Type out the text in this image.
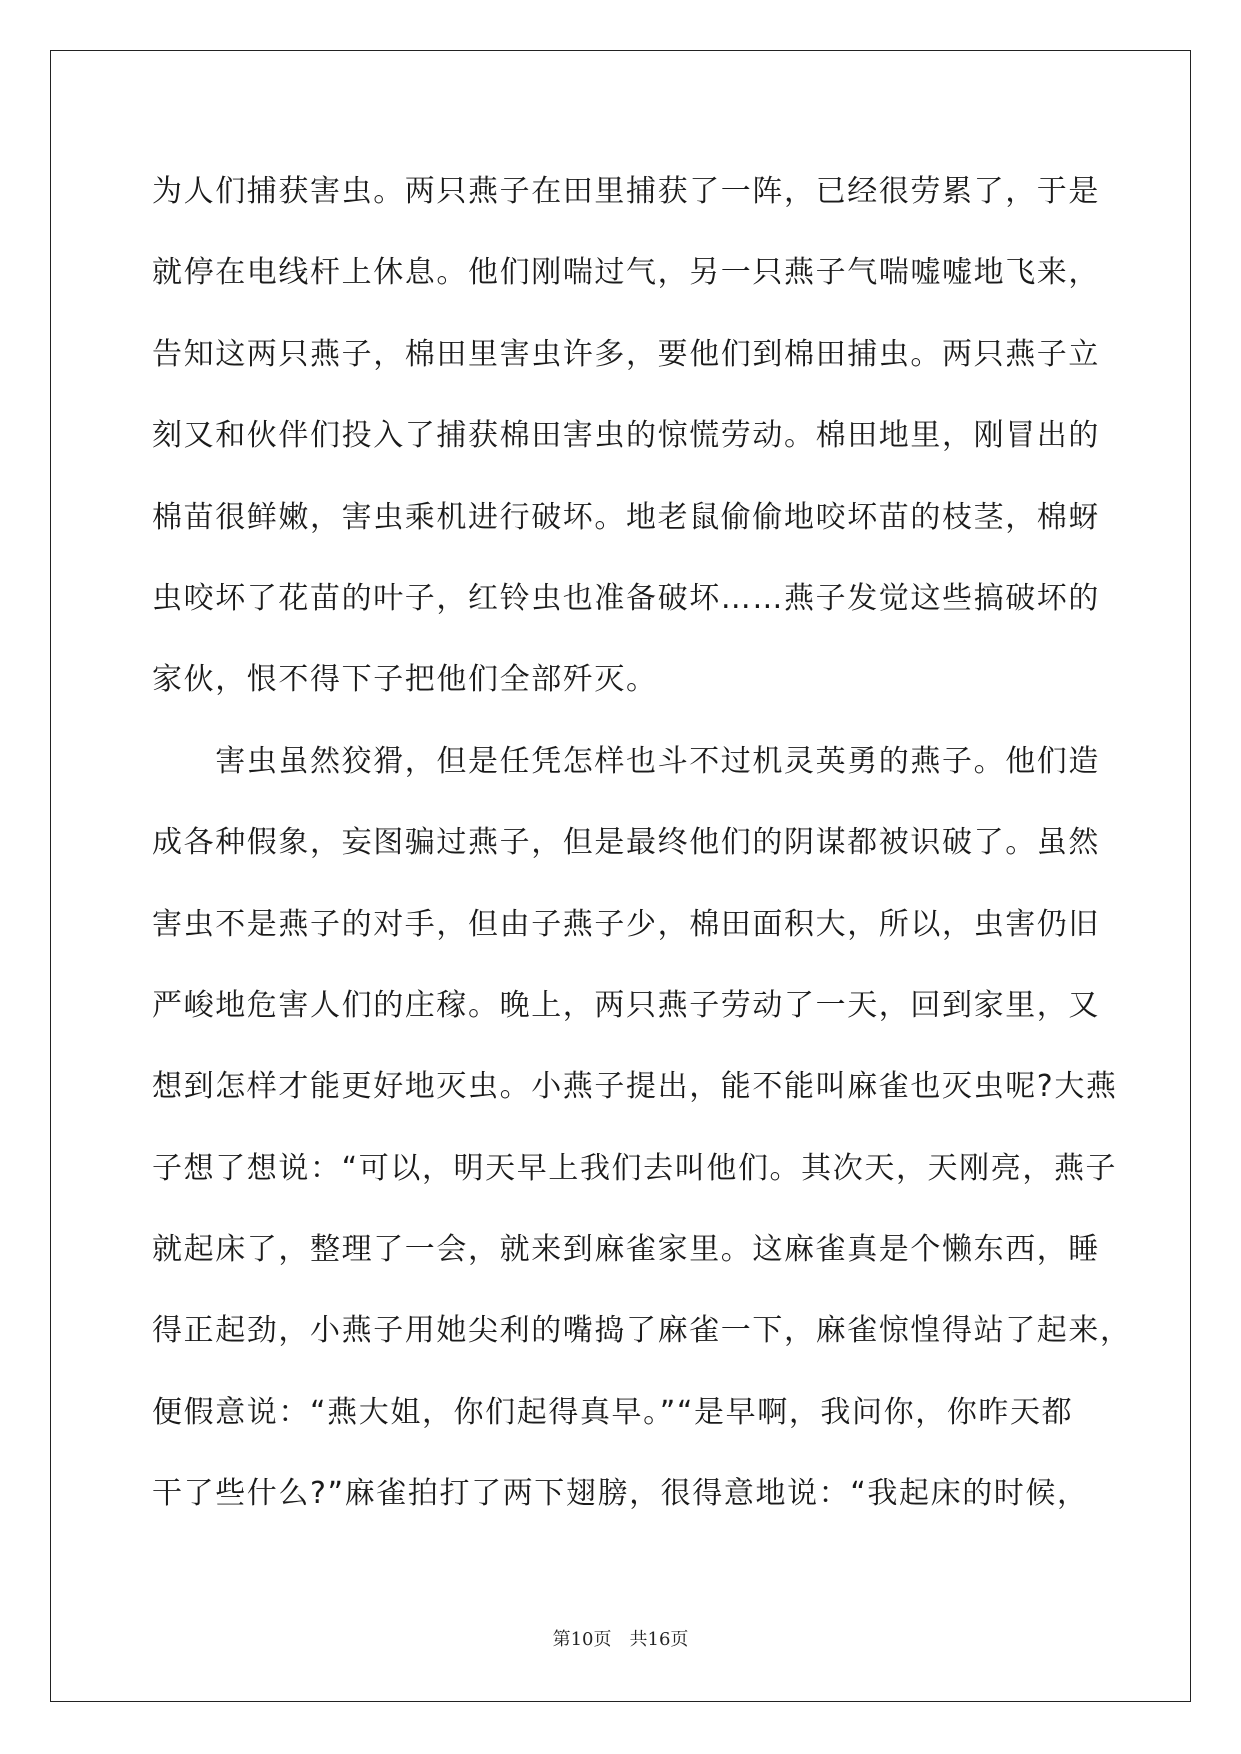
为人们捕获害虫。两只燕子在田里捕获了一阵，已经很劳累了，于是
就停在电线杆上休息。他们刚喘过气，另一只燕子气喘嘘嘘地飞来，
告知这两只燕子，棉田里害虫许多，要他们到棉田捕虫。两只燕子立
刻又和伙伴们投入了捕获棉田害虫的惊慌劳动。棉田地里，刚冒出的
棉苗很鲜嫩，害虫乘机进行破坏。地老鼠偷偷地咬坏苗的枝茎，棉蚜
虫咬坏了花苗的叶子，红铃虫也准备破坏……燕子发觉这些搞破坏的
家伙，恨不得下子把他们全部歼灭。
　　害虫虽然狡猾，但是任凭怎样也斗不过机灵英勇的燕子。他们造
成各种假象，妄图骗过燕子，但是最终他们的阴谋都被识破了。虽然
害虫不是燕子的对手，但由子燕子少，棉田面积大，所以，虫害仍旧
严峻地危害人们的庄稼。晚上，两只燕子劳动了一天，回到家里，又
想到怎样才能更好地灭虫。小燕子提出，能不能叫麻雀也灭虫呢?大燕
子想了想说：“可以，明天早上我们去叫他们。其次天，天刚亮，燕子
就起床了，整理了一会，就来到麻雀家里。这麻雀真是个懒东西，睡
得正起劲，小燕子用她尖利的嘴捣了麻雀一下，麻雀惊惶得站了起来，
便假意说：“燕大姐，你们起得真早。”“是早啊，我问你，你昨天都
干了些什么?”麻雀拍打了两下翅膀，很得意地说：“我起床的时候，
第10页　共16页
